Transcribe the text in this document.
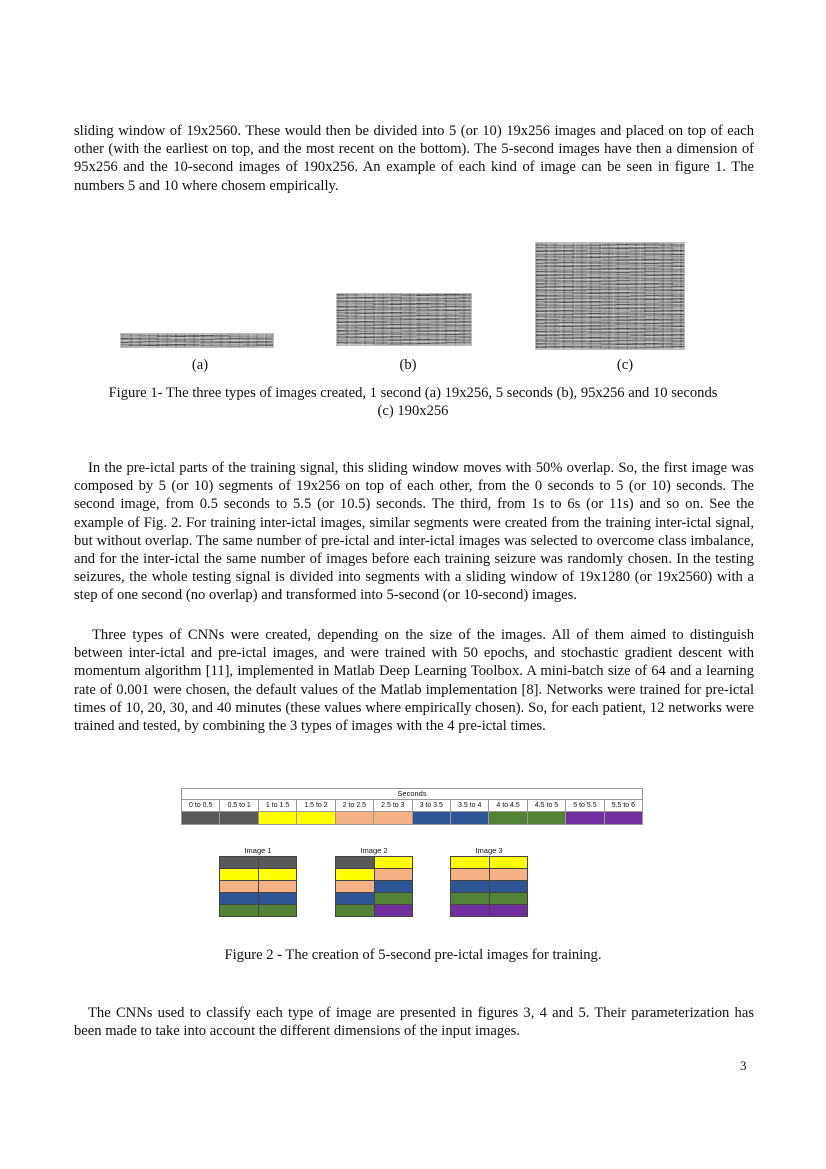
sliding window of 19x2560. These would then be divided into 5 (or 10) 19x256 images and placed on top of each other (with the earliest on top, and the most recent on the bottom). The 5-second images have then a dimension of 95x256 and the 10-second images of 190x256. An example of each kind of image can be seen in figure 1. The numbers 5 and 10 where chosem empirically.

(a)	(b)	(c)

Figure 1- The three types of images created, 1 second (a) 19x256, 5 seconds (b), 95x256 and 10 seconds

(c) 190x256

In the pre-ictal parts of the training signal, this sliding window moves with 50% overlap. So, the first image was composed by 5 (or 10) segments of 19x256 on top of each other, from the 0 seconds to 5 (or 10) seconds. The second image, from 0.5 seconds to 5.5 (or 10.5) seconds. The third, from 1s to 6s (or 11s) and so on. See the example of Fig. 2. For training inter-ictal images, similar segments were created from the training inter-ictal signal, but without overlap. The same number of pre-ictal and inter-ictal images was selected to overcome class imbalance, and for the inter-ictal the same number of images before each training seizure was randomly chosen. In the testing seizures, the whole testing signal is divided into segments with a sliding window of 19x1280 (or 19x2560) with a step of one second (no overlap) and transformed into 5-second (or 10-second) images.

Three types of CNNs were created, depending on the size of the images. All of them aimed to distinguish between inter-ictal and pre-ictal images, and were trained with 50 epochs, and stochastic gradient descent with momentum algorithm [11], implemented in Matlab Deep Learning Toolbox. A mini-batch size of 64 and a learning rate of 0.001 were chosen, the default values of the Matlab implementation [8]. Networks were trained for pre-ictal times of 10, 20, 30, and 40 minutes (these values where empirically chosen). So, for each patient, 12 networks were trained and tested, by combining the 3 types of images with the 4 pre-ictal times.

Seconds
0 to 0.5	0.5 to 1	1 to 1.5	1.5 to 2	2 to 2.5	2.5 to 3	3 to 3.5	3.5 to 4	4 to 4.5	4.5 to 5	5 to 5.5	5.5 to 6
Image 1	Image 2	Image 3

Figure 2 - The creation of 5-second pre-ictal images for training.

The CNNs used to classify each type of image are presented in figures 3, 4 and 5. Their parameterization has been made to take into account the different dimensions of the input images.

3
